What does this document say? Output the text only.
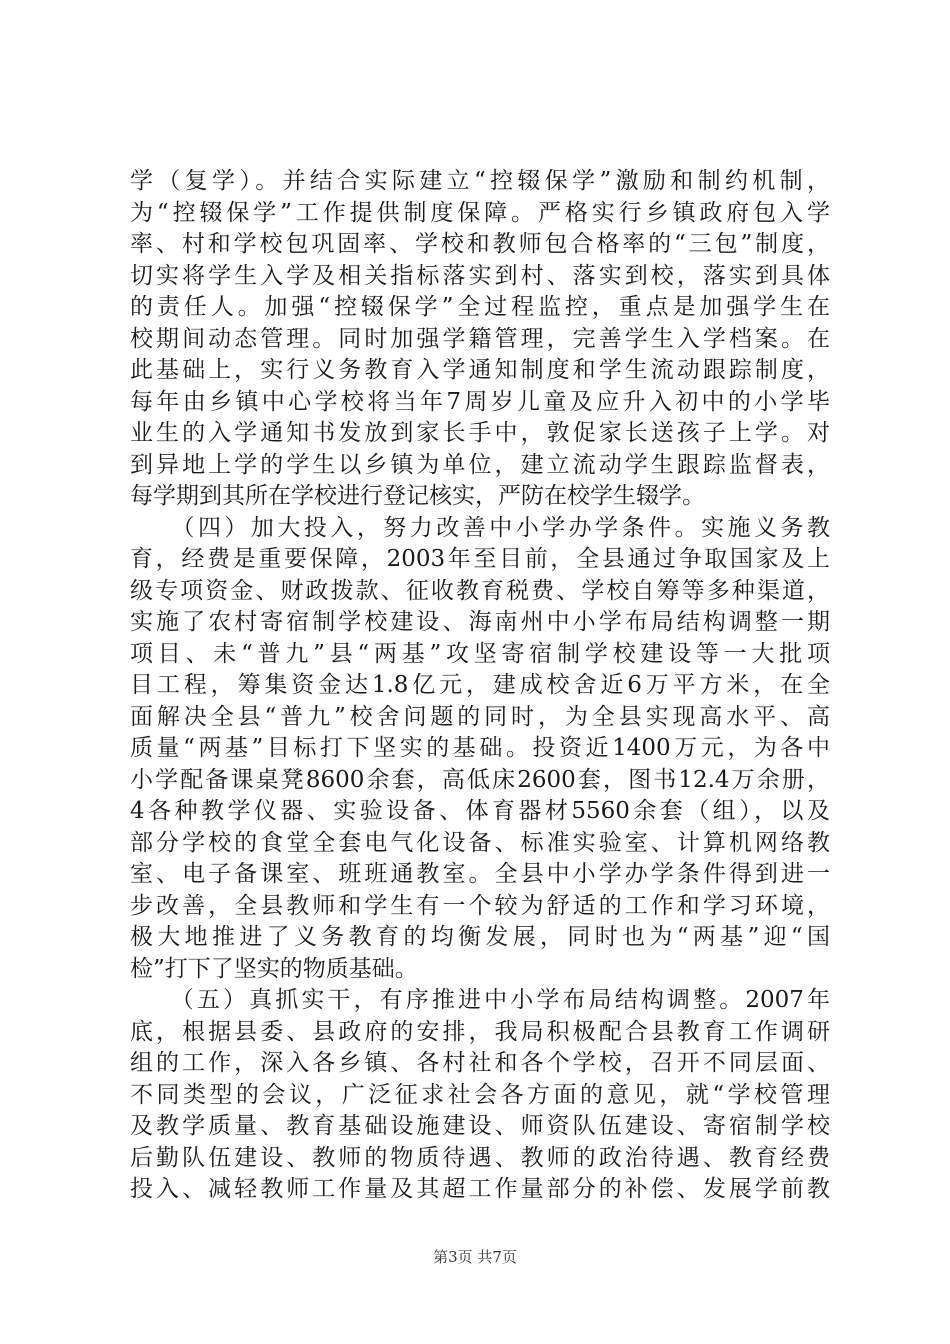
学（复学）。并结合实际建立“控辍保学”激励和制约机制，
为“控辍保学”工作提供制度保障。严格实行乡镇政府包入学
率、村和学校包巩固率、学校和教师包合格率的“三包”制度，
切实将学生入学及相关指标落实到村、落实到校，落实到具体
的责任人。加强“控辍保学”全过程监控，重点是加强学生在
校期间动态管理。同时加强学籍管理，完善学生入学档案。在
此基础上，实行义务教育入学通知制度和学生流动跟踪制度，
每年由乡镇中心学校将当年7周岁儿童及应升入初中的小学毕
业生的入学通知书发放到家长手中，敦促家长送孩子上学。对
到异地上学的学生以乡镇为单位，建立流动学生跟踪监督表，
每学期到其所在学校进行登记核实，严防在校学生辍学。
　　（四）加大投入，努力改善中小学办学条件。实施义务教
育，经费是重要保障，2003年至目前，全县通过争取国家及上
级专项资金、财政拨款、征收教育税费、学校自筹等多种渠道，
实施了农村寄宿制学校建设、海南州中小学布局结构调整一期
项目、未“普九”县“两基”攻坚寄宿制学校建设等一大批项
目工程，筹集资金达1.8亿元，建成校舍近6万平方米，在全
面解决全县“普九”校舍问题的同时，为全县实现高水平、高
质量“两基”目标打下坚实的基础。投资近1400万元，为各中
小学配备课桌凳8600余套，高低床2600套，图书12.4万余册，
4各种教学仪器、实验设备、体育器材5560余套（组），以及
部分学校的食堂全套电气化设备、标准实验室、计算机网络教
室、电子备课室、班班通教室。全县中小学办学条件得到进一
步改善，全县教师和学生有一个较为舒适的工作和学习环境，
极大地推进了义务教育的均衡发展，同时也为“两基”迎“国
检”打下了坚实的物质基础。
　　（五）真抓实干，有序推进中小学布局结构调整。2007年
底，根据县委、县政府的安排，我局积极配合县教育工作调研
组的工作，深入各乡镇、各村社和各个学校，召开不同层面、
不同类型的会议，广泛征求社会各方面的意见，就“学校管理
及教学质量、教育基础设施建设、师资队伍建设、寄宿制学校
后勤队伍建设、教师的物质待遇、教师的政治待遇、教育经费
投入、减轻教师工作量及其超工作量部分的补偿、发展学前教
第3页 共7页
